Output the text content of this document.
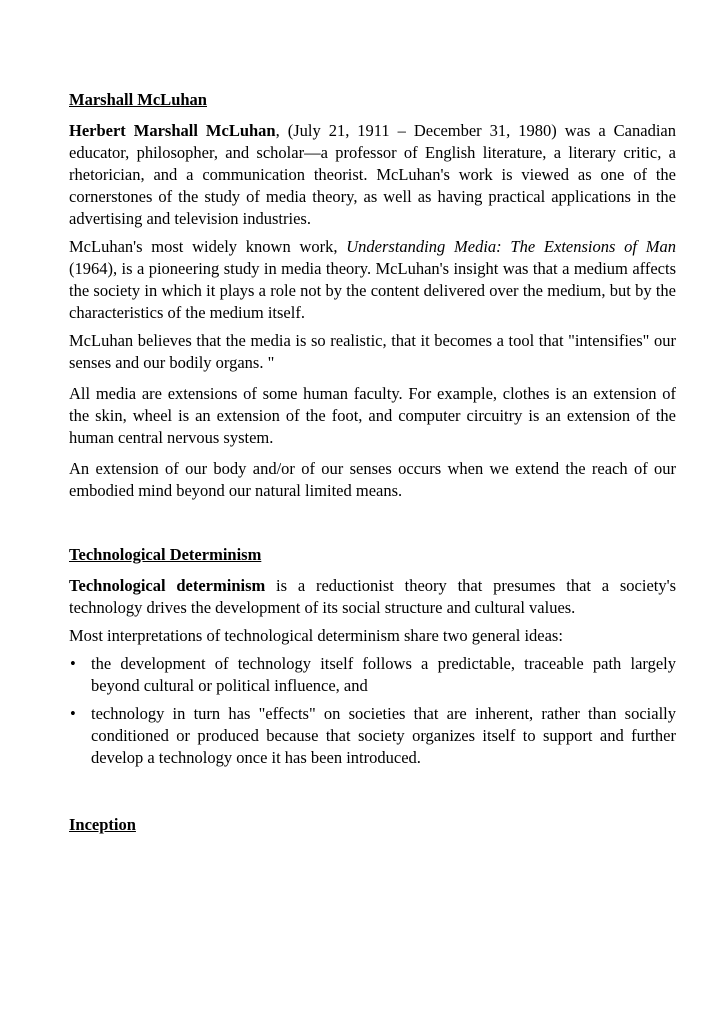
Marshall McLuhan

Herbert Marshall McLuhan, (July 21, 1911 – December 31, 1980) was a Canadian educator, philosopher, and scholar—a professor of English literature, a literary critic, a rhetorician, and a communication theorist. McLuhan's work is viewed as one of the cornerstones of the study of media theory, as well as having practical applications in the advertising and television industries.

McLuhan's most widely known work, Understanding Media: The Extensions of Man (1964), is a pioneering study in media theory. McLuhan's insight was that a medium affects the society in which it plays a role not by the content delivered over the medium, but by the characteristics of the medium itself.

McLuhan believes that the media is so realistic, that it becomes a tool that "intensifies" our senses and our bodily organs. "

All media are extensions of some human faculty. For example, clothes is an extension of the skin, wheel is an extension of the foot, and computer circuitry is an extension of the human central nervous system.

An extension of our body and/or of our senses occurs when we extend the reach of our embodied mind beyond our natural limited means.

Technological Determinism

Technological determinism is a reductionist theory that presumes that a society's technology drives the development of its social structure and cultural values.

Most interpretations of technological determinism share two general ideas:

• the development of technology itself follows a predictable, traceable path largely beyond cultural or political influence, and
• technology in turn has "effects" on societies that are inherent, rather than socially conditioned or produced because that society organizes itself to support and further develop a technology once it has been introduced.
Inception
